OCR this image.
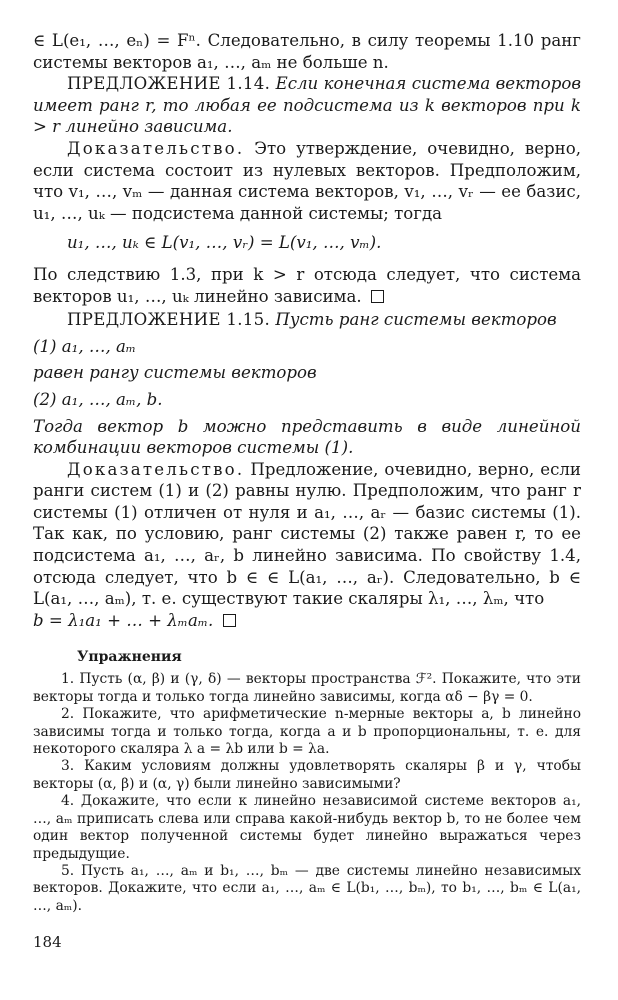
∈ L(e₁, …, eₙ) = Fⁿ. Следовательно, в силу теоремы 1.10 ранг системы векторов a₁, …, aₘ не больше n.

ПРЕДЛОЖЕНИЕ 1.14. Если конечная система векторов имеет ранг r, то любая ее подсистема из k векторов при k > r линейно зависима.

Доказательство. Это утверждение, очевидно, верно, если система состоит из нулевых векторов. Предположим, что v₁, …, vₘ — данная система векторов, v₁, …, vᵣ — ее базис, u₁, …, uₖ — подсистема данной системы; тогда

u₁, …, uₖ ∈ L(v₁, …, vᵣ) = L(v₁, …, vₘ).

По следствию 1.3, при k > r отсюда следует, что система векторов u₁, …, uₖ линейно зависима.

ПРЕДЛОЖЕНИЕ 1.15. Пусть ранг системы векторов

(1) a₁, …, aₘ

равен рангу системы векторов

(2) a₁, …, aₘ, b.

Тогда вектор b можно представить в виде линейной комбинации векторов системы (1).

Доказательство. Предложение, очевидно, верно, если ранги систем (1) и (2) равны нулю. Предположим, что ранг r системы (1) отличен от нуля и a₁, …, aᵣ — базис системы (1). Так как, по условию, ранг системы (2) также равен r, то ее подсистема a₁, …, aᵣ, b линейно зависима. По свойству 1.4, отсюда следует, что b ∈ ∈ L(a₁, …, aᵣ). Следовательно, b ∈ L(a₁, …, aₘ), т. е. существуют такие скаляры λ₁, …, λₘ, что

b = λ₁a₁ + … + λₘaₘ.

Упражнения

1. Пусть (α, β) и (γ, δ) — векторы пространства ℱ². Покажите, что эти векторы тогда и только тогда линейно зависимы, когда αδ − βγ = 0.

2. Покажите, что арифметические n-мерные векторы a, b линейно зависимы тогда и только тогда, когда a и b пропорциональны, т. е. для некоторого скаляра λ a = λb или b = λa.

3. Каким условиям должны удовлетворять скаляры β и γ, чтобы векторы (α, β) и (α, γ) были линейно зависимыми?

4. Докажите, что если к линейно независимой системе векторов a₁, …, aₘ приписать слева или справа какой-нибудь вектор b, то не более чем один вектор полученной системы будет линейно выражаться через предыдущие.

5. Пусть a₁, …, aₘ и b₁, …, bₘ — две системы линейно независимых векторов. Докажите, что если a₁, …, aₘ ∈ L(b₁, …, bₘ), то b₁, …, bₘ ∈ L(a₁, …, aₘ).

184
